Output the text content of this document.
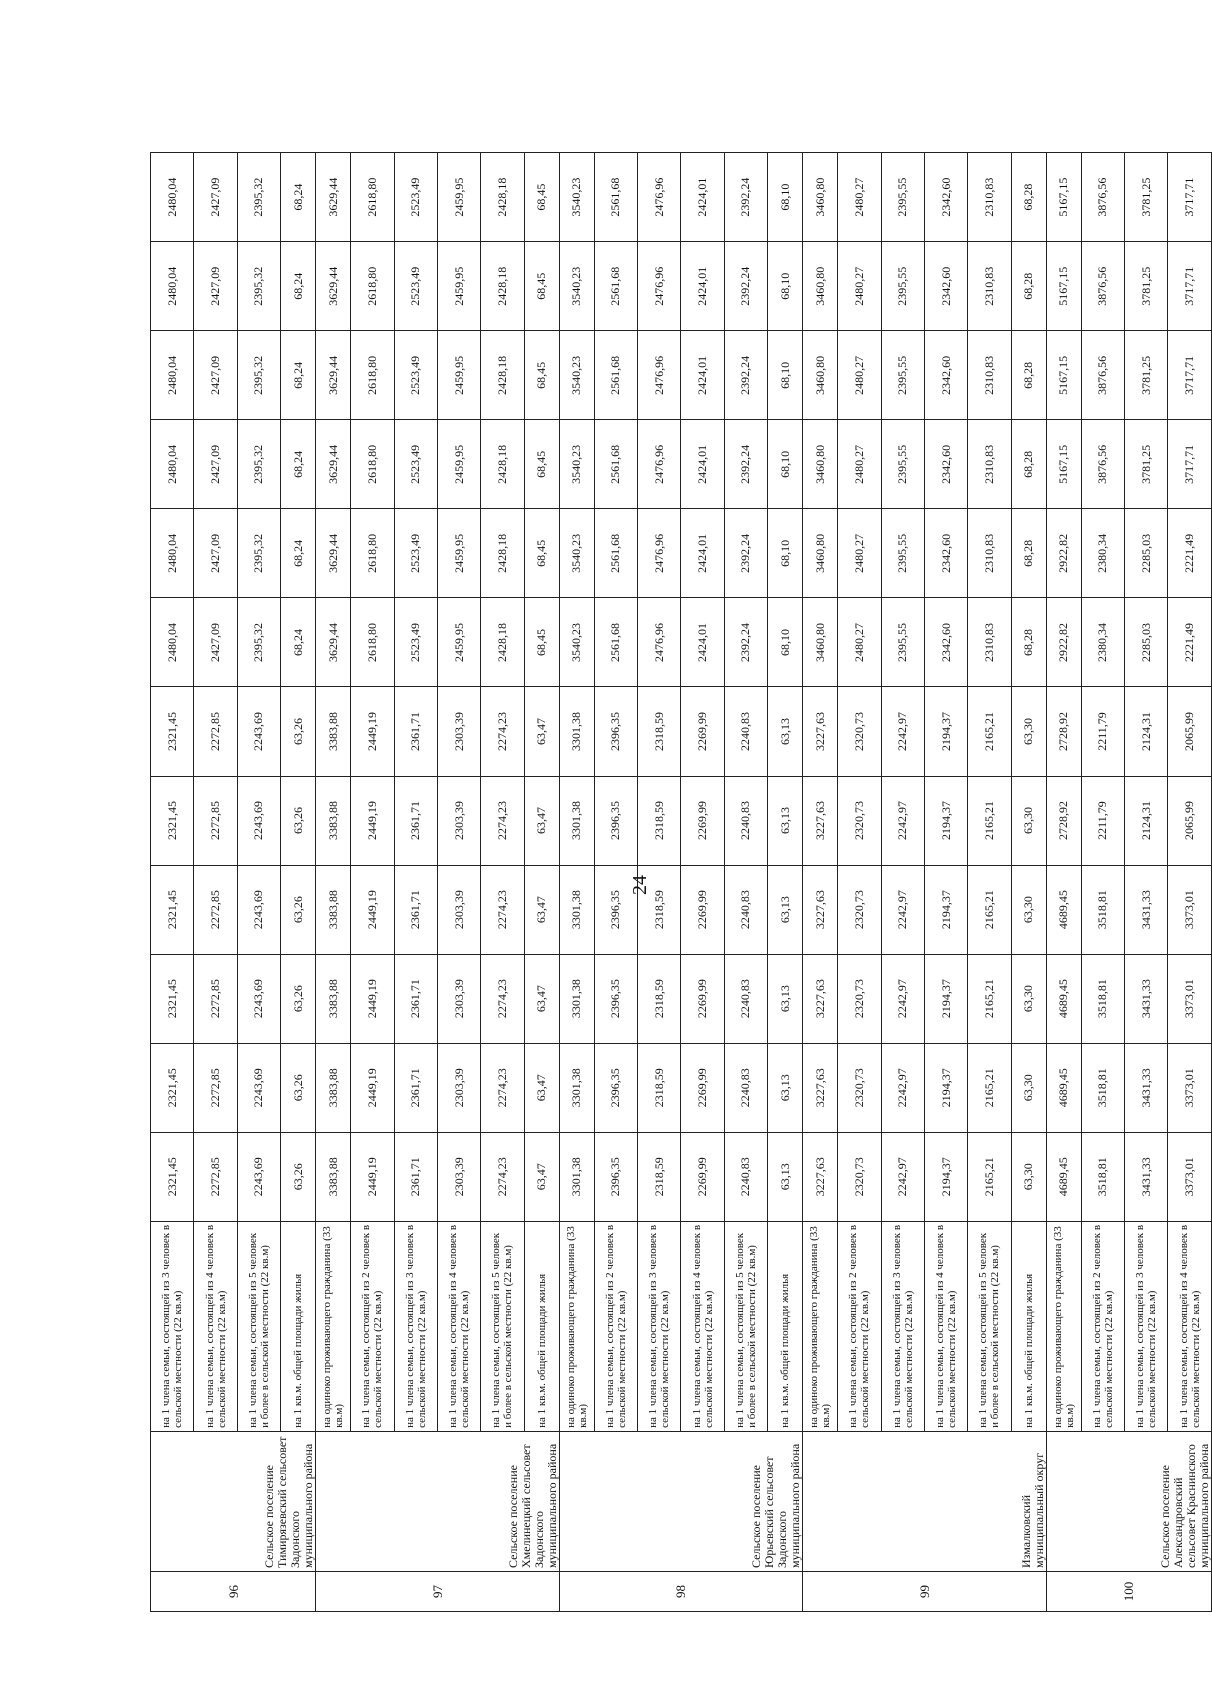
96	Сельское поселение Тимирязевский сельсовет Задонского муниципального района	на 1 члена семьи, состоящей из 3 человек в сельской местности (22 кв.м)	2321,45	2321,45	2321,45	2321,45	2321,45	2321,45	2480,04	2480,04	2480,04	2480,04	2480,04	2480,04
		на 1 члена семьи, состоящей из 4 человек в сельской местности (22 кв.м)	2272,85	2272,85	2272,85	2272,85	2272,85	2272,85	2427,09	2427,09	2427,09	2427,09	2427,09	2427,09
		на 1 члена семьи, состоящей из 5 человек и более в сельской местности (22 кв.м)	2243,69	2243,69	2243,69	2243,69	2243,69	2243,69	2395,32	2395,32	2395,32	2395,32	2395,32	2395,32
		на 1 кв.м. общей площади жилья	63,26	63,26	63,26	63,26	63,26	63,26	68,24	68,24	68,24	68,24	68,24	68,24
97	Сельское поселение Хмелинецкий сельсовет Задонского муниципального района	на одиноко проживающего гражданина (33 кв.м)	3383,88	3383,88	3383,88	3383,88	3383,88	3383,88	3629,44	3629,44	3629,44	3629,44	3629,44	3629,44
		на 1 члена семьи, состоящей из 2 человек в сельской местности (22 кв.м)	2449,19	2449,19	2449,19	2449,19	2449,19	2449,19	2618,80	2618,80	2618,80	2618,80	2618,80	2618,80
		на 1 члена семьи, состоящей из 3 человек в сельской местности (22 кв.м)	2361,71	2361,71	2361,71	2361,71	2361,71	2361,71	2523,49	2523,49	2523,49	2523,49	2523,49	2523,49
		на 1 члена семьи, состоящей из 4 человек в сельской местности (22 кв.м)	2303,39	2303,39	2303,39	2303,39	2303,39	2303,39	2459,95	2459,95	2459,95	2459,95	2459,95	2459,95
		на 1 члена семьи, состоящей из 5 человек и более в сельской местности (22 кв.м)	2274,23	2274,23	2274,23	2274,23	2274,23	2274,23	2428,18	2428,18	2428,18	2428,18	2428,18	2428,18
		на 1 кв.м. общей площади жилья	63,47	63,47	63,47	63,47	63,47	63,47	68,45	68,45	68,45	68,45	68,45	68,45
98	Сельское поселение Юрьевский сельсовет Задонского муниципального района	на одиноко проживающего гражданина (33 кв.м)	3301,38	3301,38	3301,38	3301,38	3301,38	3301,38	3540,23	3540,23	3540,23	3540,23	3540,23	3540,23
		на 1 члена семьи, состоящей из 2 человек в сельской местности (22 кв.м)	2396,35	2396,35	2396,35	2396,35	2396,35	2396,35	2561,68	2561,68	2561,68	2561,68	2561,68	2561,68
		на 1 члена семьи, состоящей из 3 человек в сельской местности (22 кв.м)	2318,59	2318,59	2318,59	2318,59	2318,59	2318,59	2476,96	2476,96	2476,96	2476,96	2476,96	2476,96
		на 1 члена семьи, состоящей из 4 человек в сельской местности (22 кв.м)	2269,99	2269,99	2269,99	2269,99	2269,99	2269,99	2424,01	2424,01	2424,01	2424,01	2424,01	2424,01
		на 1 члена семьи, состоящей из 5 человек и более в сельской местности (22 кв.м)	2240,83	2240,83	2240,83	2240,83	2240,83	2240,83	2392,24	2392,24	2392,24	2392,24	2392,24	2392,24
		на 1 кв.м. общей площади жилья	63,13	63,13	63,13	63,13	63,13	63,13	68,10	68,10	68,10	68,10	68,10	68,10
99	Измалковский муниципальный округ	на одиноко проживающего гражданина (33 кв.м)	3227,63	3227,63	3227,63	3227,63	3227,63	3227,63	3460,80	3460,80	3460,80	3460,80	3460,80	3460,80
		на 1 члена семьи, состоящей из 2 человек в сельской местности (22 кв.м)	2320,73	2320,73	2320,73	2320,73	2320,73	2320,73	2480,27	2480,27	2480,27	2480,27	2480,27	2480,27
		на 1 члена семьи, состоящей из 3 человек в сельской местности (22 кв.м)	2242,97	2242,97	2242,97	2242,97	2242,97	2242,97	2395,55	2395,55	2395,55	2395,55	2395,55	2395,55
		на 1 члена семьи, состоящей из 4 человек в сельской местности (22 кв.м)	2194,37	2194,37	2194,37	2194,37	2194,37	2194,37	2342,60	2342,60	2342,60	2342,60	2342,60	2342,60
		на 1 члена семьи, состоящей из 5 человек и более в сельской местности (22 кв.м)	2165,21	2165,21	2165,21	2165,21	2165,21	2165,21	2310,83	2310,83	2310,83	2310,83	2310,83	2310,83
		на 1 кв.м. общей площади жилья	63,30	63,30	63,30	63,30	63,30	63,30	68,28	68,28	68,28	68,28	68,28	68,28
100	Сельское поселение Александровский сельсовет Краснинского муниципального района	на одиноко проживающего гражданина (33 кв.м)	4689,45	4689,45	4689,45	4689,45	2728,92	2728,92	2922,82	2922,82	5167,15	5167,15	5167,15	5167,15
		на 1 члена семьи, состоящей из 2 человек в сельской местности (22 кв.м)	3518,81	3518,81	3518,81	3518,81	2211,79	2211,79	2380,34	2380,34	3876,56	3876,56	3876,56	3876,56
		на 1 члена семьи, состоящей из 3 человек в сельской местности (22 кв.м)	3431,33	3431,33	3431,33	3431,33	2124,31	2124,31	2285,03	2285,03	3781,25	3781,25	3781,25	3781,25
		на 1 члена семьи, состоящей из 4 человек в сельской местности (22 кв.м)	3373,01	3373,01	3373,01	3373,01	2065,99	2065,99	2221,49	2221,49	3717,71	3717,71	3717,71	3717,71
24
